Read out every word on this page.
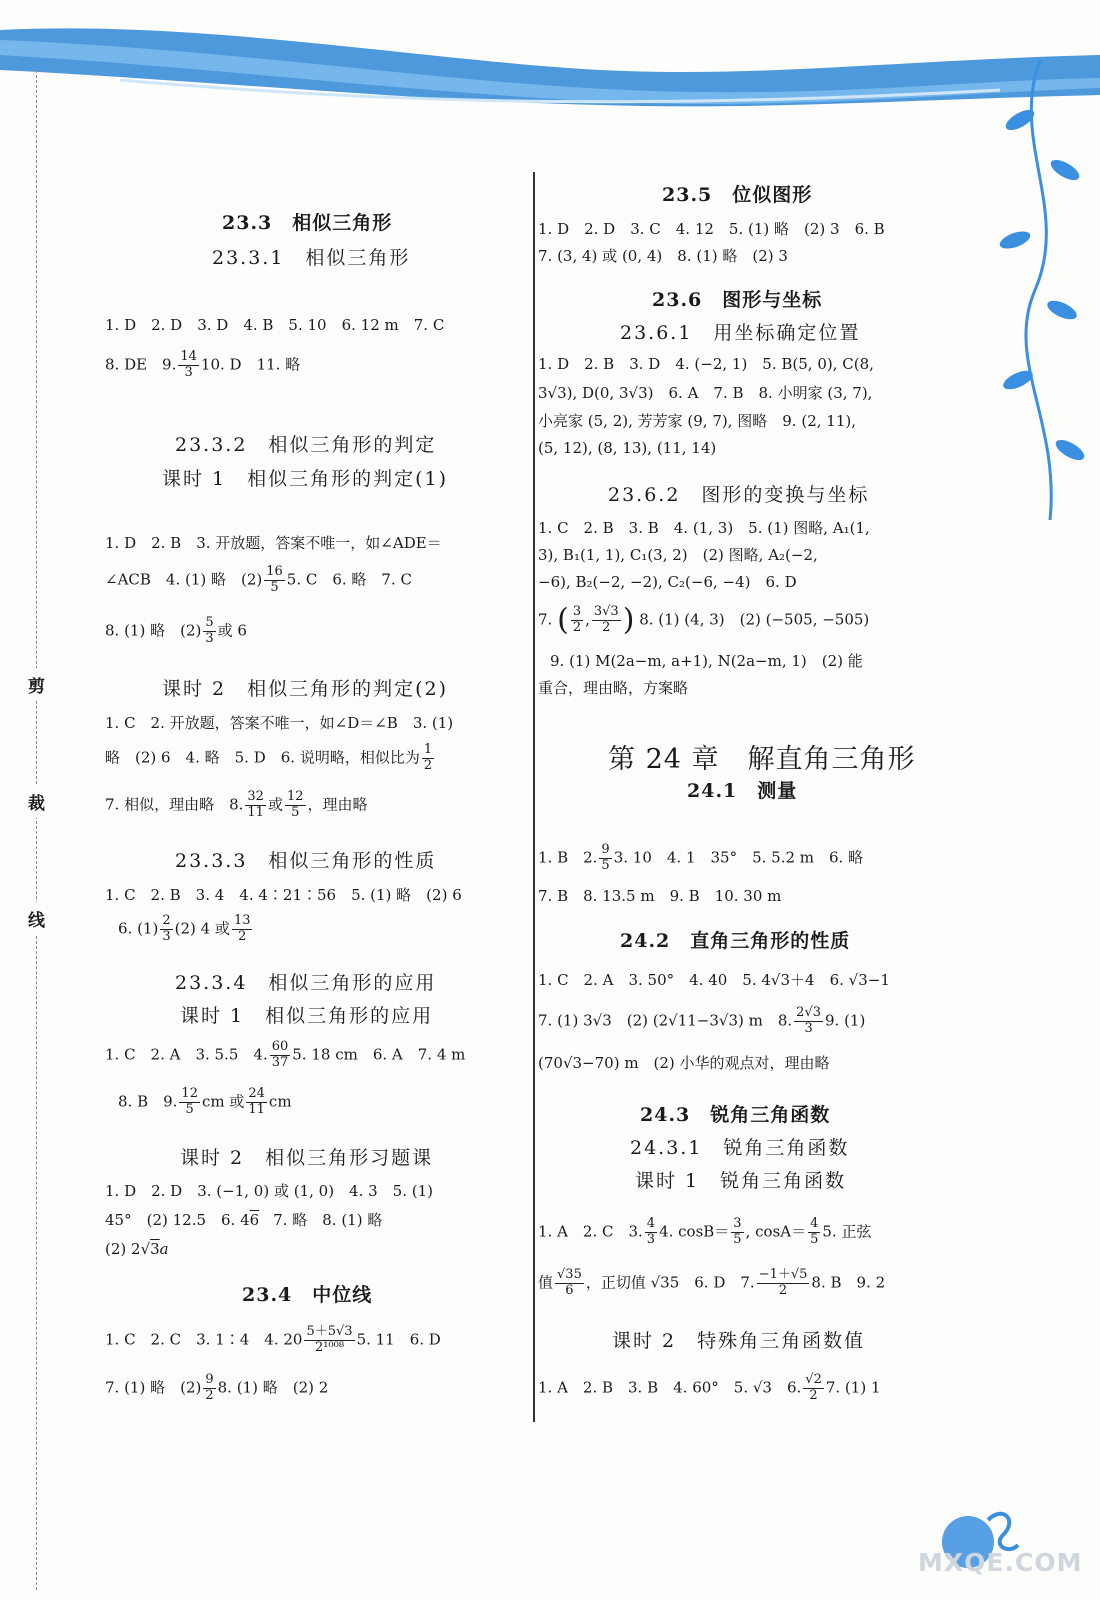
剪
裁
线
23.3　相似三角形
23.3.1　相似三角形
1. D　2. D　3. D　4. B　5. 10　6. 12 m　7. C
8. DE　9. $\frac{14}{3} 10$. D　11. 略
23.3.2　相似三角形的判定
课时 1　相似三角形的判定(1)
1. D　2. B　3. 开放题，答案不唯一，如∠ADE＝
∠ACB　4. (1) 略　$(2) \frac{16}{5} 5$. C　6. 略　7. C
8. (1) 略　$(2) \frac{5}{3}$ 或 6
课时 2　相似三角形的判定(2)
1. C　2. 开放题，答案不唯一，如∠D＝∠B　3. (1)
略　(2) 6　4. 略　5. D　6. 说明略，相似比为 $\frac{1}{2}$
7. 相似，理由略　8. $\frac{32}{11}$ 或 $\frac{12}{5}$ ，理由略
23.3.3　相似三角形的性质
1. C　2. B　3. 4　4. 4∶21∶56　5. (1) 略　(2) 6
6. $(1) \frac{2}{3} (2)$ 4 或 $\frac{13}{2}$
23.3.4　相似三角形的应用
课时 1　相似三角形的应用
1. C　2. A　3. 5.5　4. $\frac{60}{37} 5$. 18 cm　6. A　7. 4 m
8. B　9. $\frac{12}{5}$ cm 或 $\frac{24}{11}$ cm
课时 2　相似三角形习题课
1. D　2. D　3. (−1, 0) 或 (1, 0)　4. 3　5. (1)
45°　(2) 12.5　6. 46 7. 略　8. (1) 略
(2) 2√3a
23.4　中位线
1. C　2. C　3. 1∶4　4. $20 \frac{5+5√3}{\text{2¹⁰⁰⁸}} 5$. 11　6. D
7. (1) 略　$(2) \frac{9}{2} 8$. (1) 略　(2) 2
23.5　位似图形
1. D　2. D　3. C　4. 12　5. (1) 略　(2) 3　6. B
7. (3, 4) 或 (0, 4)　8. (1) 略　(2) 3
23.6　图形与坐标
23.6.1　用坐标确定位置
1. D　2. B　3. D　4. (−2, 1)　5. B(5, 0), C(8,
3√3), D(0, 3√3)　6. A　7. B　8. 小明家 (3, 7),
小亮家 (5, 2), 芳芳家 (9, 7), 图略　9. (2, 11),
(5, 12), (8, 13), (11, 14)
23.6.2　图形的变换与坐标
1. C　2. B　3. B　4. (1, 3)　5. (1) 图略, A₁(1,
3), B₁(1, 1), C₁(3, 2)　(2) 图略, A₂(−2,
−6), B₂(−2, −2), C₂(−6, −4)　6. D
7. ( $\frac{3}{2}$ , $\frac{3√3}{2}$ ) 8. (1) (4, 3)　(2) (−505, −505)
9. (1) M(2a−m, a+1), N(2a−m, 1)　(2) 能
重合，理由略，方案略
第 24 章　解直角三角形
24.1　测量
1. B　2. $\frac{9}{5} 3$. 10　4. 1　35°　5. 5.2 m　6. 略
7. B　8. 13.5 m　9. B　10. 30 m
24.2　直角三角形的性质
1. C　2. A　3. 50°　4. 40　5. 4√3＋4　6. √3−1
7. (1) 3√3　(2) (2√11−3√3) m　8. $\frac{2√3}{3} 9$. (1)
(70√3−70) m　(2) 小华的观点对，理由略
24.3　锐角三角函数
24.3.1　锐角三角函数
课时 1　锐角三角函数
1. A　2. C　3. $\frac{4}{3} 4$. $\cos B= \frac{3}{5}$ , $\cos A= \frac{4}{5} 5$. 正弦
值 $\frac{√35}{6}$ ，正切值 √35　6. D　7. $\frac{-1+√5}{2} 8$. B　9. 2
课时 2　特殊角三角函数值
1. A　2. B　3. B　4. 60°　5. √3　6. $\frac{√2}{2} 7$. (1) 1
MXQE.COM
